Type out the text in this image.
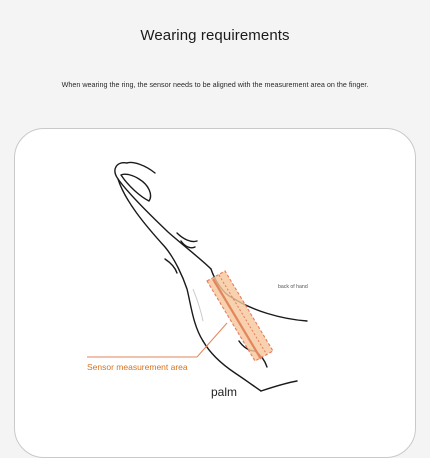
Wearing requirements
When wearing the ring, the sensor needs to be aligned with the measurement area on the finger.
Sensor measurement area
back of hand
palm
